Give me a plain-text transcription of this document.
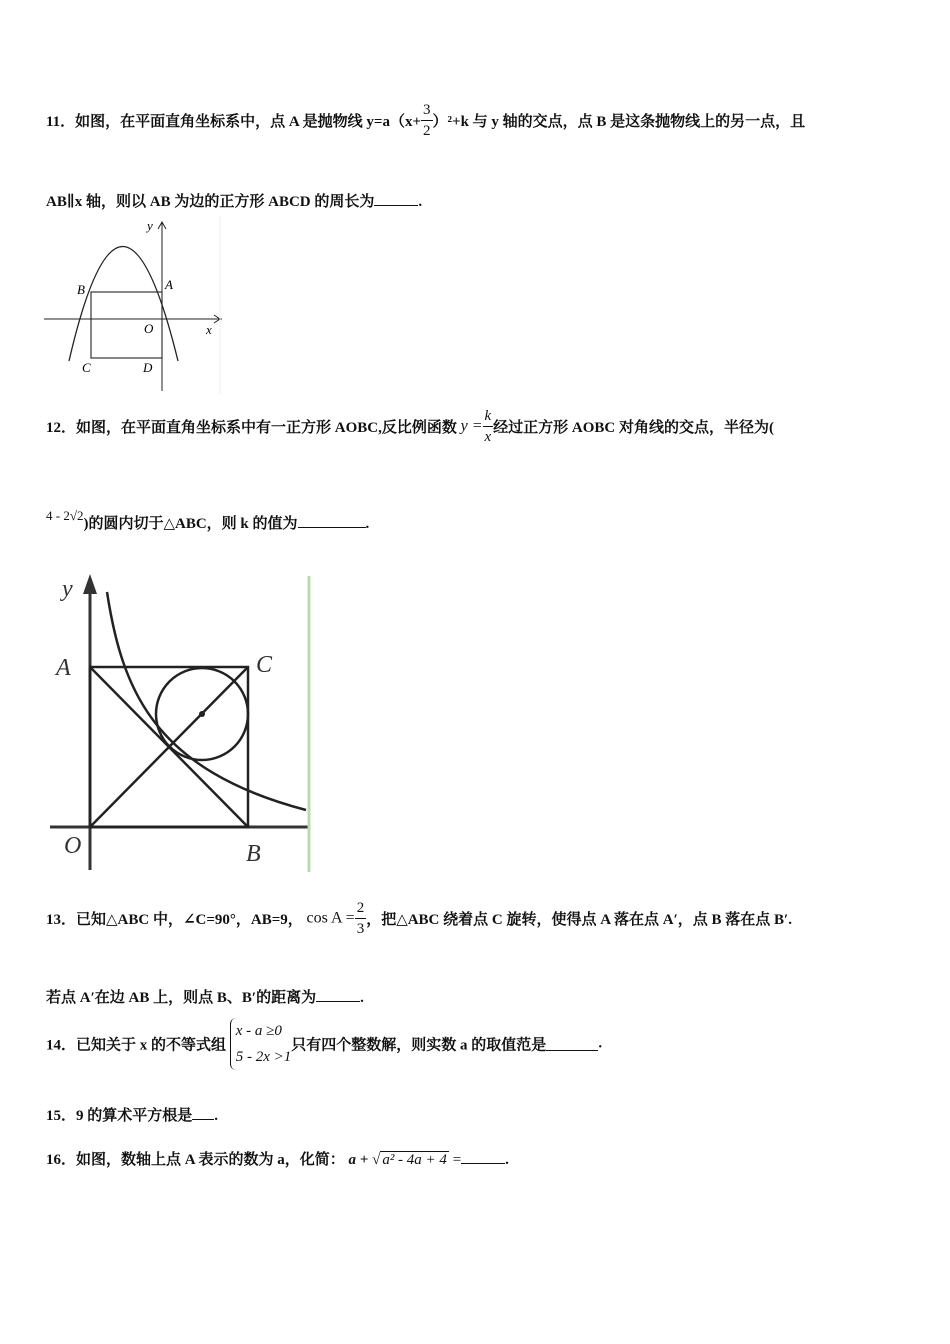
11．如图，在平面直角坐标系中，点 A 是抛物线 $y=a(x+ \frac{3}{2} )^2+k$ 与 y 轴的交点，点 B 是这条抛物线上的另一点，且
AB∥x 轴，则以 AB 为边的正方形 ABCD 的周长为	.
y
x
B	A
O
C	D
12．如图，在平面直角坐标系中有一正方形 AOBC,反比例函数 $y = \frac{k}{x}$ 经过正方形 AOBC 对角线的交点，半径为(
4 - 2√2)的圆内切于△ABC，则 k 的值为	.
y
A	C
O	B
13．已知△ABC 中，∠C=90°，AB=9， $\cos A = \frac{2}{3}$ ，把△ABC 绕着点 C 旋转，使得点 A 落在点 A′，点 B 落在点 B′.
若点 A′在边 AB 上，则点 B、B′的距离为	.
14．已知关于 x 的不等式组
x - a ≥0
5 - 2x >1
只有四个整数解，则实数 a 的取值范是	.
15．9 的算术平方根是 .
16．如图，数轴上点 A 表示的数为 a，化简： a + √ a² - 4a + 4 =	.
